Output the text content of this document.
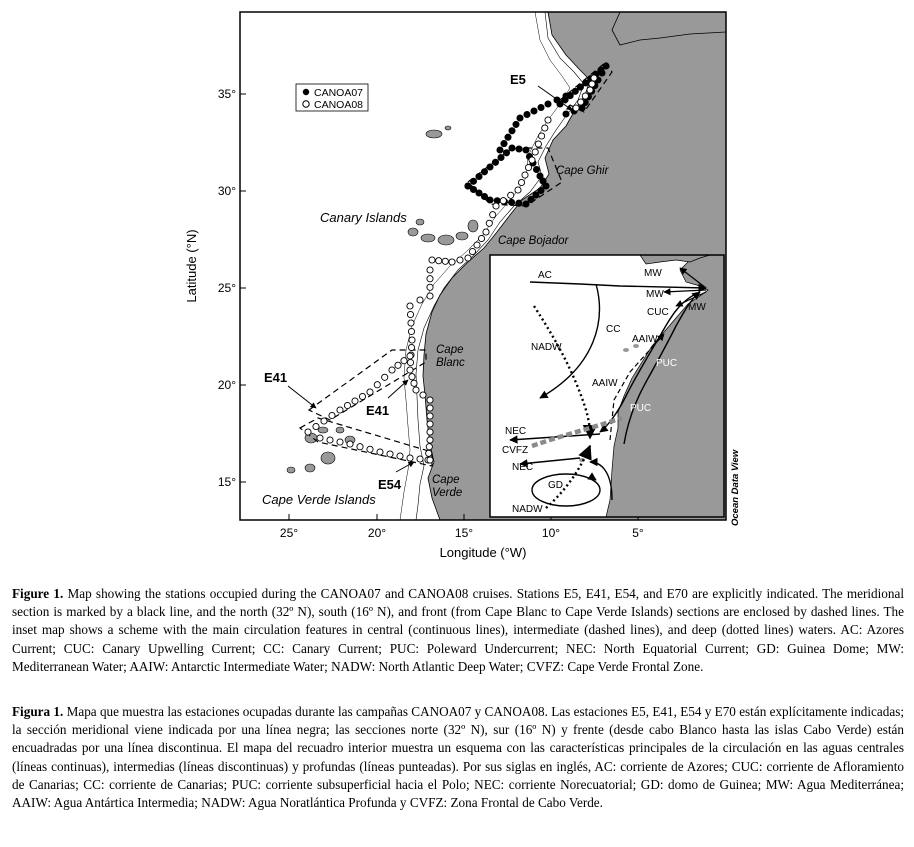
35°
30°
25°
20°
15°
25°	20°	15°	10°	5°
Longitude (°W)
Latitude (°N)
CANOA07
CANOA08
Canary Islands
Cape Ghir
Cape Bojador
Cape
Blanc
Cape
Verde
Cape Verde Islands
E5
E41
E41
E54
AC	MW
MW
MW
CUC
CC
AAIW
AAIW
NADW
NADW
PUC
PUC
NEC
NEC
CVFZ
GD	Ocean Data View
Figure 1. Map showing the stations occupied during the CANOA07 and CANOA08 cruises. Stations E5, E41, E54, and E70 are explicitly indicated. The meridional section is marked by a black line, and the north (32º N), south (16º N), and front (from Cape Blanc to Cape Verde Islands) sections are enclosed by dashed lines. The inset map shows a scheme with the main circulation features in central (continuous lines), intermediate (dashed lines), and deep (dotted lines) waters. AC: Azores Current; CUC: Canary Upwelling Current; CC: Canary Current; PUC: Poleward Undercurrent; NEC: North Equatorial Current; GD: Guinea Dome; MW: Mediterranean Water; AAIW: Antarctic Intermediate Water; NADW: North Atlantic Deep Water; CVFZ: Cape Verde Frontal Zone.
Figura 1. Mapa que muestra las estaciones ocupadas durante las campañas CANOA07 y CANOA08. Las estaciones E5, E41, E54 y E70 están explícitamente indicadas; la sección meridional viene indicada por una línea negra; las secciones norte (32º N), sur (16º N) y frente (desde cabo Blanco hasta las islas Cabo Verde) están encuadradas por una línea discontinua. El mapa del recuadro interior muestra un esquema con las características principales de la circulación en las aguas centrales (líneas continuas), intermedias (líneas discontinuas) y profundas (líneas punteadas). Por sus siglas en inglés, AC: corriente de Azores; CUC: corriente de Afloramiento de Canarias; CC: corriente de Canarias; PUC: corriente subsuperficial hacia el Polo; NEC: corriente Norecuatorial; GD: domo de Guinea; MW: Agua Mediterránea; AAIW: Agua Antártica Intermedia; NADW: Agua Noratlántica Profunda y CVFZ: Zona Frontal de Cabo Verde.
